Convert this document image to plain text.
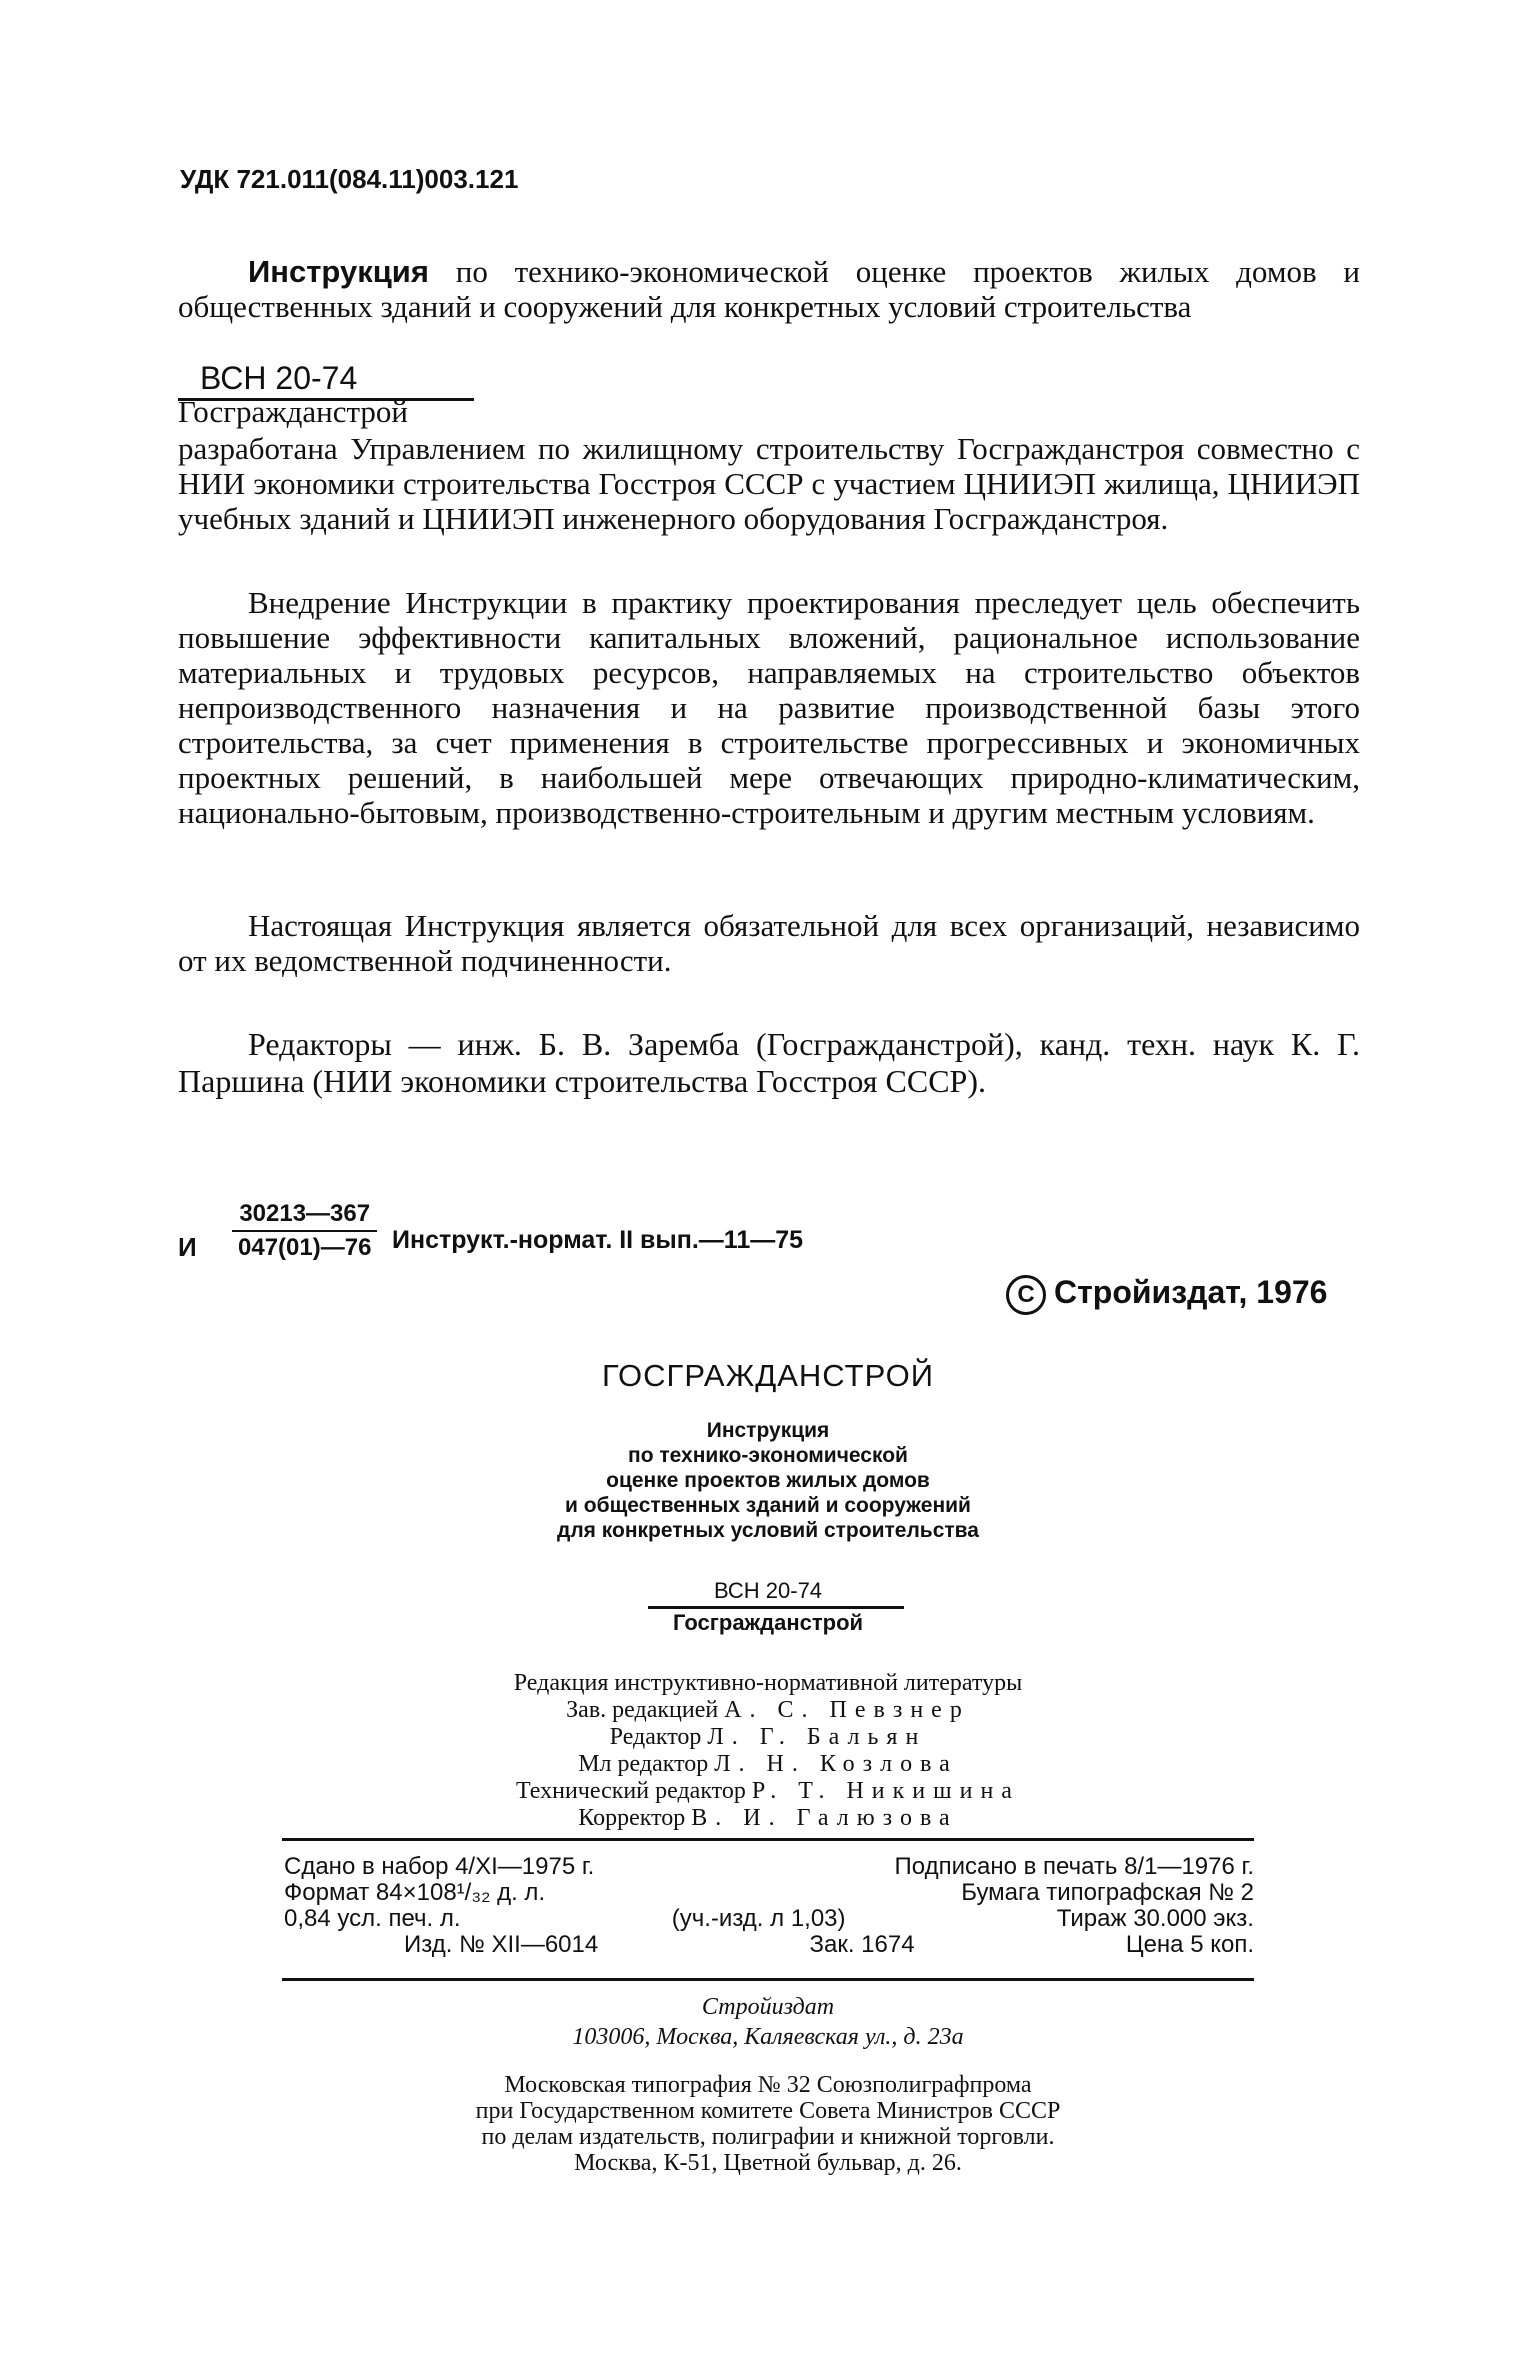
УДК 721.011(084.11)003.121

Инструкция по технико-экономической оценке проектов жилых домов и общественных зданий и сооружений для конкретных условий строительства

ВСН 20-74
Госгражданстрой

разработана Управлением по жилищному строительству Госгражданстроя совместно с НИИ экономики строительства Госстроя СССР с участием ЦНИИЭП жилища, ЦНИИЭП учебных зданий и ЦНИИЭП инженерного оборудования Госгражданстроя.

Внедрение Инструкции в практику проектирования преследует цель обеспечить повышение эффективности капитальных вложений, рациональное использование материальных и трудовых ресурсов, направляемых на строительство объектов непроизводственного назначения и на развитие производственной базы этого строительства, за счет применения в строительстве прогрессивных и экономичных проектных решений, в наибольшей мере отвечающих природно-климатическим, национально-бытовым, производственно-строительным и другим местным условиям.

Настоящая Инструкция является обязательной для всех организаций, независимо от их ведомственной подчиненности.

Редакторы — инж. Б. В. Заремба (Госгражданстрой), канд. техн. наук К. Г. Паршина (НИИ экономики строительства Госстроя СССР).
И $\frac{30213—367}{047(01)—76}$ Инструкт.-нормат. II вып.—11—75
C Стройиздат, 1976
ГОСГРАЖДАНСТРОЙ
Инструкция
по технико-экономической
оценке проектов жилых домов
и общественных зданий и сооружений
для конкретных условий строительства
ВСН 20-74
Госгражданстрой
Редакция инструктивно-нормативной литературы
Зав. редакцией А. С. Певзнер
Редактор Л. Г. Бальян
Мл редактор Л. Н. Козлова
Технический редактор Р. Т. Никишина
Корректор В. И. Галюзова
Сдано в набор 4/XI—1975 г.	Подписано в печать 8/1—1976 г.
Формат 84×108¹/₃₂ д. л.	Бумага типографская № 2
0,84 усл. печ. л.	(уч.-изд. л 1,03)	Тираж 30.000 экз.
Изд. № XII—6014	Зак. 1674	Цена 5 коп.
Стройиздат
103006, Москва, Каляевская ул., д. 23а
Московская типография № 32 Союзполиграфпрома
при Государственном комитете Совета Министров СССР
по делам издательств, полиграфии и книжной торговли.
Москва, К-51, Цветной бульвар, д. 26.
